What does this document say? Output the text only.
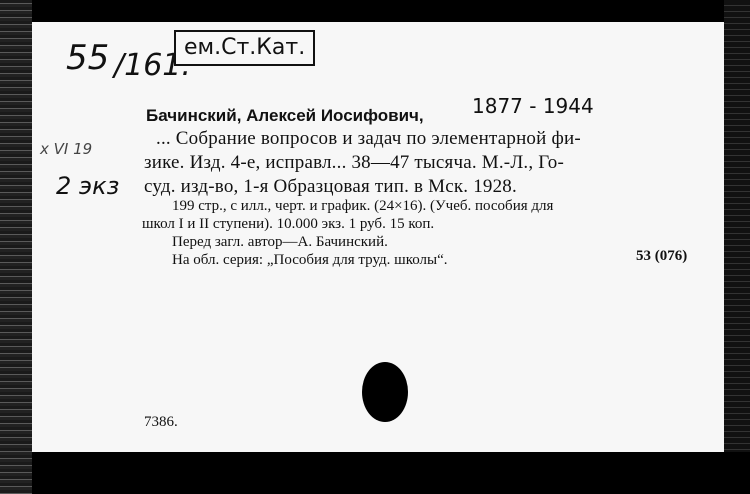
55 /161.
ем.Ст.Кат.
Бачинский, Алексей Иосифович, 1877 - 1944
х VI 19
2 экз
... Собрание вопросов и задач по элементарной фи-
зике. Изд. 4-е, исправл... 38—47 тысяча. М.-Л., Го-
суд. изд-во, 1-я Образцовая тип. в Мск. 1928.
199 стр., с илл., черт. и график. (24×16). (Учеб. пособия для
школ I и II ступени). 10.000 экз. 1 руб. 15 коп.
Перед загл. автор—А. Бачинский.
На обл. серия: „Пособия для труд. школы“.	53 (076)
7386.
